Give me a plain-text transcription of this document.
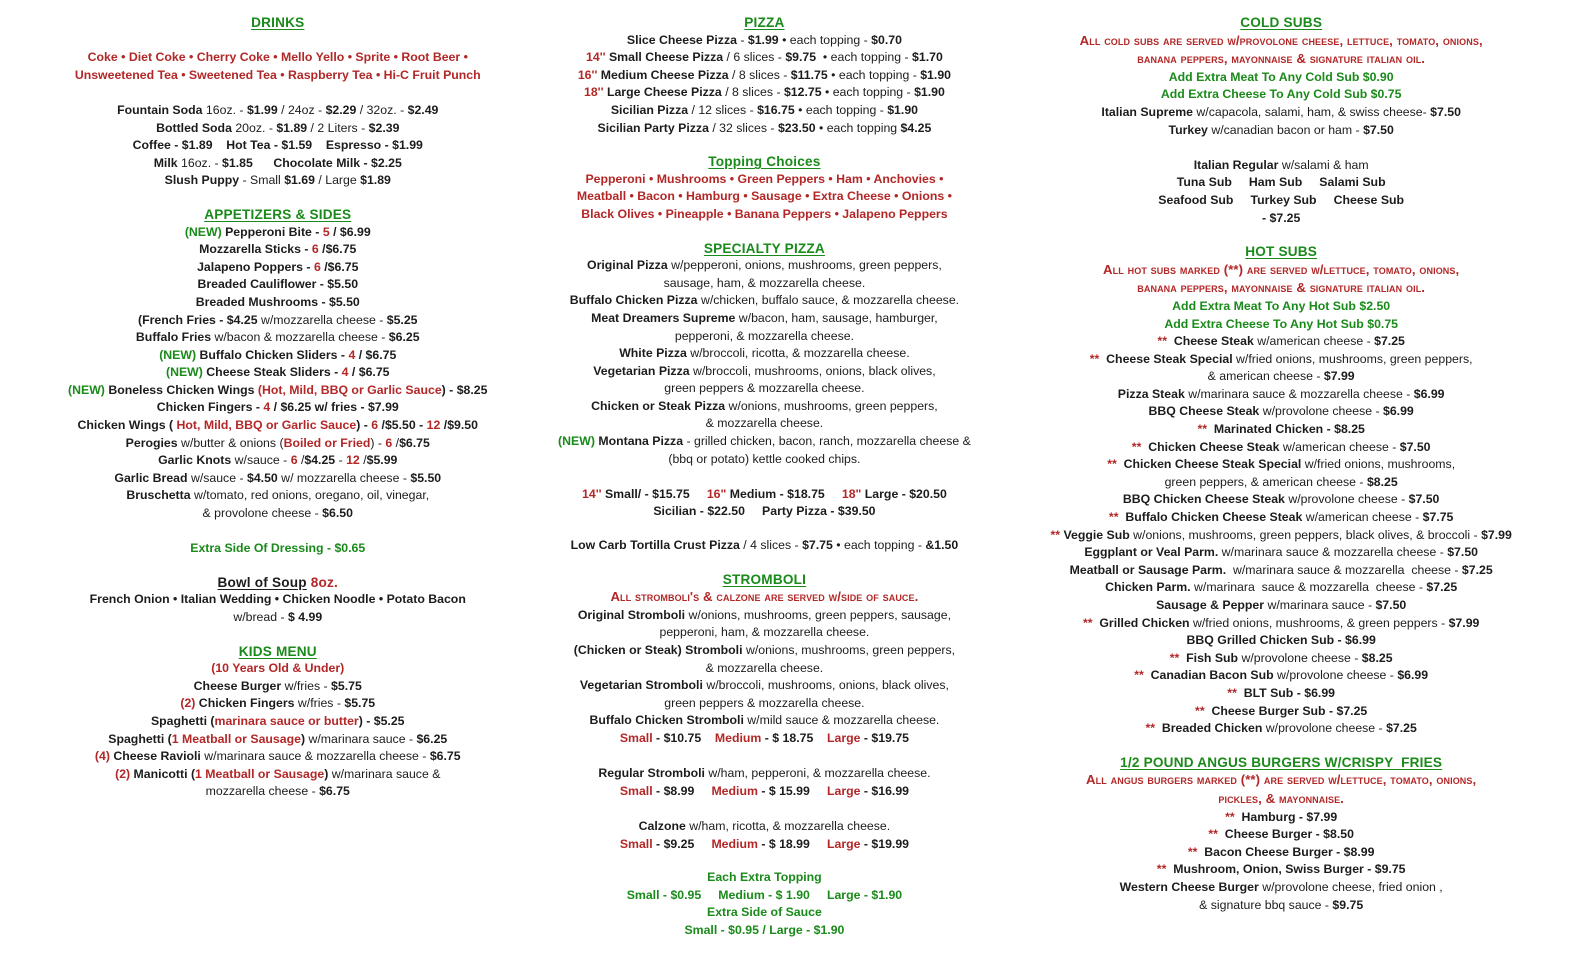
DRINKS
Coke • Diet Coke • Cherry Coke • Mello Yello • Sprite • Root Beer •
Unsweetened Tea • Sweetened Tea • Raspberry Tea • Hi-C Fruit Punch
Fountain Soda 16oz. - $1.99 / 24oz - $2.29 / 32oz. - $2.49
Bottled Soda 20oz. - $1.89 / 2 Liters - $2.39
Coffee - $1.89 Hot Tea - $1.59 Espresso - $1.99
Milk 16oz. - $1.85 Chocolate Milk - $2.25
Slush Puppy - Small $1.69 / Large $1.89
APPETIZERS & SIDES
(NEW) Pepperoni Bite - 5 / $6.99
Mozzarella Sticks - 6 /$6.75
Jalapeno Poppers - 6 /$6.75
Breaded Cauliflower - $5.50
Breaded Mushrooms - $5.50
(French Fries - $4.25 w/mozzarella cheese - $5.25
Buffalo Fries w/bacon & mozzarella cheese - $6.25
(NEW) Buffalo Chicken Sliders - 4 / $6.75
(NEW) Cheese Steak Sliders - 4 / $6.75
(NEW) Boneless Chicken Wings (Hot, Mild, BBQ or Garlic Sauce) - $8.25
Chicken Fingers - 4 / $6.25 w/ fries - $7.99
Chicken Wings ( Hot, Mild, BBQ or Garlic Sauce) - 6 /$5.50 - 12 /$9.50
Perogies w/butter & onions (Boiled or Fried) - 6 /$6.75
Garlic Knots w/sauce - 6 /$4.25 - 12 /$5.99
Garlic Bread w/sauce - $4.50 w/ mozzarella cheese - $5.50
Bruschetta w/tomato, red onions, oregano, oil, vinegar,
& provolone cheese - $6.50
Extra Side Of Dressing - $0.65
Bowl of Soup 8oz.
French Onion • Italian Wedding • Chicken Noodle • Potato Bacon
w/bread - $ 4.99
KIDS MENU
(10 Years Old & Under)
Cheese Burger w/fries - $5.75
(2) Chicken Fingers w/fries - $5.75
Spaghetti (marinara sauce or butter) - $5.25
Spaghetti (1 Meatball or Sausage) w/marinara sauce - $6.25
(4) Cheese Ravioli w/marinara sauce & mozzarella cheese - $6.75
(2) Manicotti (1 Meatball or Sausage) w/marinara sauce &
mozzarella cheese - $6.75
PIZZA
Slice Cheese Pizza - $1.99 • each topping - $0.70
14'' Small Cheese Pizza / 6 slices - $9.75  • each topping - $1.70
16'' Medium Cheese Pizza / 8 slices - $11.75 • each topping - $1.90
18'' Large Cheese Pizza / 8 slices - $12.75 • each topping - $1.90
Sicilian Pizza / 12 slices - $16.75 • each topping - $1.90
Sicilian Party Pizza / 32 slices - $23.50 • each topping $4.25
Topping Choices
Pepperoni • Mushrooms • Green Peppers • Ham • Anchovies •
Meatball • Bacon • Hamburg • Sausage • Extra Cheese • Onions •
Black Olives • Pineapple • Banana Peppers • Jalapeno Peppers
SPECIALTY PIZZA
Original Pizza w/pepperoni, onions, mushrooms, green peppers,
sausage, ham, & mozzarella cheese.
Buffalo Chicken Pizza w/chicken, buffalo sauce, & mozzarella cheese.
Meat Dreamers Supreme w/bacon, ham, sausage, hamburger,
pepperoni, & mozzarella cheese.
White Pizza w/broccoli, ricotta, & mozzarella cheese.
Vegetarian Pizza w/broccoli, mushrooms, onions, black olives,
green peppers & mozzarella cheese.
Chicken or Steak Pizza w/onions, mushrooms, green peppers,
& mozzarella cheese.
(NEW) Montana Pizza - grilled chicken, bacon, ranch, mozzarella cheese &
(bbq or potato) kettle cooked chips.
14'' Small/ - $15.75 16" Medium - $18.75 18" Large - $20.50
Sicilian - $22.50 Party Pizza - $39.50
Low Carb Tortilla Crust Pizza / 4 slices - $7.75 • each topping - &1.50
STROMBOLI
All stromboli's & calzone are served w/side of sauce.
Original Stromboli w/onions, mushrooms, green peppers, sausage,
pepperoni, ham, & mozzarella cheese.
(Chicken or Steak) Stromboli w/onions, mushrooms, green peppers,
& mozzarella cheese.
Vegetarian Stromboli w/broccoli, mushrooms, onions, black olives,
green peppers & mozzarella cheese.
Buffalo Chicken Stromboli w/mild sauce & mozzarella cheese.
Small - $10.75 Medium - $ 18.75 Large - $19.75
Regular Stromboli w/ham, pepperoni, & mozzarella cheese.
Small - $8.99 Medium - $ 15.99 Large - $16.99
Calzone w/ham, ricotta, & mozzarella cheese.
Small - $9.25 Medium - $ 18.99 Large - $19.99
Each Extra Topping
Small - $0.95     Medium - $ 1.90     Large - $1.90
Extra Side of Sauce
Small - $0.95 / Large - $1.90
COLD SUBS
All cold subs are served w/provolone cheese, lettuce, tomato, onions,
banana peppers, mayonnaise & signature italian oil.
Add Extra Meat To Any Cold Sub $0.90
Add Extra Cheese To Any Cold Sub $0.75
Italian Supreme w/capacola, salami, ham, & swiss cheese- $7.50
Turkey w/canadian bacon or ham - $7.50
Italian Regular w/salami & ham
Tuna Sub     Ham Sub     Salami Sub
Seafood Sub     Turkey Sub     Cheese Sub
- $7.25
HOT SUBS
All hot subs marked (**) are served w/lettuce, tomato, onions,
banana peppers, mayonnaise & signature italian oil.
Add Extra Meat To Any Hot Sub $2.50
Add Extra Cheese To Any Hot Sub $0.75
**  Cheese Steak w/american cheese - $7.25
**  Cheese Steak Special w/fried onions, mushrooms, green peppers,
& american cheese - $7.99
Pizza Steak w/marinara sauce & mozzarella cheese - $6.99
BBQ Cheese Steak w/provolone cheese - $6.99
**  Marinated Chicken - $8.25
**  Chicken Cheese Steak w/american cheese - $7.50
**  Chicken Cheese Steak Special w/fried onions, mushrooms,
green peppers, & american cheese - $8.25
BBQ Chicken Cheese Steak w/provolone cheese - $7.50
**  Buffalo Chicken Cheese Steak w/american cheese - $7.75
** Veggie Sub w/onions, mushrooms, green peppers, black olives, & broccoli - $7.99
Eggplant or Veal Parm. w/marinara sauce & mozzarella cheese - $7.50
Meatball or Sausage Parm.  w/marinara sauce & mozzarella  cheese - $7.25
Chicken Parm. w/marinara  sauce & mozzarella  cheese - $7.25
Sausage & Pepper w/marinara sauce - $7.50
**  Grilled Chicken w/fried onions, mushrooms, & green peppers - $7.99
BBQ Grilled Chicken Sub - $6.99
**  Fish Sub w/provolone cheese - $8.25
**  Canadian Bacon Sub w/provolone cheese - $6.99
**  BLT Sub - $6.99
**  Cheese Burger Sub - $7.25
**  Breaded Chicken w/provolone cheese - $7.25
1/2 POUND ANGUS BURGERS W/CRISPY  FRIES
All angus burgers marked (**) are served w/lettuce, tomato, onions,
pickles, & mayonnaise.
**  Hamburg - $7.99
**  Cheese Burger - $8.50
**  Bacon Cheese Burger - $8.99
**  Mushroom, Onion, Swiss Burger - $9.75
Western Cheese Burger w/provolone cheese, fried onion ,
& signature bbq sauce - $9.75
